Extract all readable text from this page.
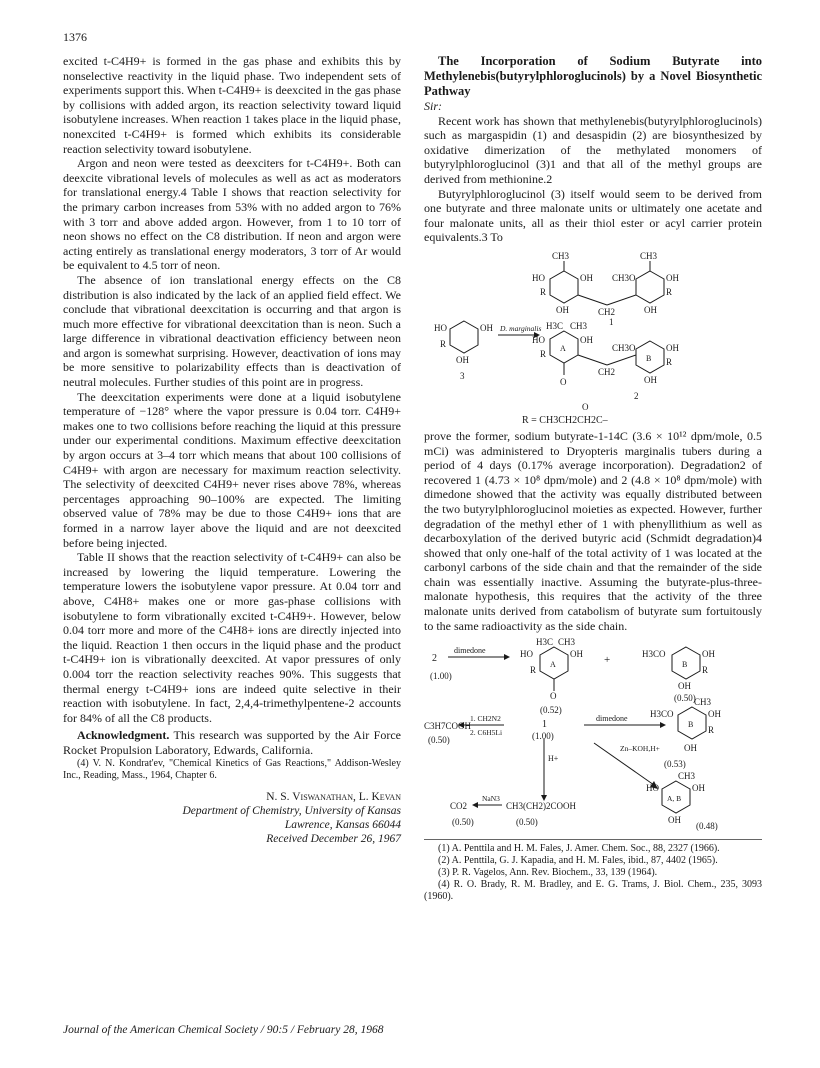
1376

excited t-C4H9+ is formed in the gas phase and exhibits this by nonselective reactivity in the liquid phase. Two independent sets of experiments support this. When t-C4H9+ is deexcited in the gas phase by collisions with added argon, its reaction selectivity toward liquid isobutylene increases. When reaction 1 takes place in the liquid phase, nonexcited t-C4H9+ is formed which exhibits its considerable reaction selectivity toward isobutylene.

Argon and neon were tested as deexciters for t-C4H9+. Both can deexcite vibrational levels of molecules as well as act as moderators for translational energy.4 Table I shows that reaction selectivity for the primary carbon increases from 53% with no added argon to 76% with 3 torr and above added argon. However, from 1 to 10 torr of neon shows no effect on the C8 distribution. If neon and argon were acting entirely as translational energy moderators, 3 torr of Ar would be equivalent to 4.5 torr of neon.

The absence of ion translational energy effects on the C8 distribution is also indicated by the lack of an applied field effect. We conclude that vibrational deexcitation is occurring and that argon is much more effective for vibrational deexcitation than is neon. Such a large difference in vibrational deactivation efficiency between neon and argon is somewhat surprising. However, deactivation of ions may be more sensitive to polarizability effects than is deactivation of neutral molecules. Further studies of this point are in progress.

The deexcitation experiments were done at a liquid isobutylene temperature of −128° where the vapor pressure is 0.04 torr. C4H9+ makes one to two collisions before reaching the liquid at this pressure under our experimental conditions. Maximum effective deexcitation by argon occurs at 3–4 torr which means that about 100 collisions of C4H9+ with argon are necessary for maximum reaction selectivity. The selectivity of deexcited C4H9+ never rises above 78%, whereas percentages approaching 90–100% are expected. The limiting observed value of 78% may be due to those C4H9+ ions that are formed in a narrow layer above the liquid and are not deexcited before being injected.

Table II shows that the reaction selectivity of t-C4H9+ can also be increased by lowering the liquid temperature. Lowering the temperature lowers the isobutylene vapor pressure. At 0.04 torr and above, C4H8+ makes one or more gas-phase collisions with isobutylene to form vibrationally excited t-C4H9+. However, below 0.04 torr more and more of the C4H8+ ions are directly injected into the liquid. Reaction 1 then occurs in the liquid phase and the product t-C4H9+ ion is vibrationally deexcited. At vapor pressures of only 0.004 torr the reaction selectivity reaches 90%. This suggests that thermal energy t-C4H9+ ions are indeed quite selective in their reaction with isobutylene. In fact, 2,4,4-trimethylpentene-2 accounts for 84% of all the C8 products.

Acknowledgment. This research was supported by the Air Force Rocket Propulsion Laboratory, Edwards, California.

(4) V. N. Kondrat'ev, "Chemical Kinetics of Gas Reactions," Addison-Wesley Inc., Reading, Mass., 1964, Chapter 6.

N. S. Viswanathan, L. Kevan
Department of Chemistry, University of Kansas
Lawrence, Kansas 66044
Received December 26, 1967

The Incorporation of Sodium Butyrate into Methylenebis(butyrylphloroglucinols) by a Novel Biosynthetic Pathway

Sir:

Recent work has shown that methylenebis(butyrylphloroglucinols) such as margaspidin (1) and desaspidin (2) are biosynthesized by oxidative dimerization of the methylated monomers of butyrylphloroglucinol (3)1 and that all of the methyl groups are derived from methionine.2

Butyrylphloroglucinol (3) itself would seem to be derived from one butyrate and three malonate units or ultimately one acetate and four malonate units, all as their thiol ester or acyl carrier protein equivalents.3 To

CH3	CH3
HO	OH CH3O	OH
R	R
OH	CH2	OH
1
HO	OH
R
OH
3
D. marginalis H3C CH3
HO	OH
A
R
O
CH3O	OH
B R
CH2
OH
2
O
R = CH3CH2CH2C–

prove the former, sodium butyrate-1-14C (3.6 × 10¹² dpm/mole, 0.5 mCi) was administered to Dryopteris marginalis tubers during a period of 4 days (0.17% average incorporation). Degradation2 of recovered 1 (4.73 × 10⁸ dpm/mole) and 2 (4.8 × 10⁸ dpm/mole) with dimedone showed that the activity was equally distributed between the two butyrylphloroglucinol moieties as expected. However, further degradation of the methyl ether of 1 with phenyllithium as well as decarboxylation of the derived butyric acid (Schmidt degradation)4 showed that only one-half of the total activity of 1 was located at the carbonyl carbons of the side chain and that the remainder of the side chain was essentially inactive. Assuming the butyrate-plus-three-malonate hypothesis, this requires that the activity of the three malonate units derived from catabolism of butyrate sum fortuitously to the same radioactivity as the side chain.

2
dimedone
(1.00)
H3C CH3
HO	OH
A
R
O
(0.52)
+	H3CO	OH
B
R
OH
(0.50)
C3H7COOH
(0.50)
1. CH2N2
2. C6H5Li
1
(1.00)
dimedone H3CO
CH3
OH
B
R
OH
H+
Zn–KOH,H+
(0.53)
CO2
NaN3
CH3(CH2)2COOH
(0.50)	(0.50)
HO
CH3
OH
A, B
OH
(0.48)
(1) A. Penttila and H. M. Fales, J. Amer. Chem. Soc., 88, 2327 (1966).
(2) A. Penttila, G. J. Kapadia, and H. M. Fales, ibid., 87, 4402 (1965).
(3) P. R. Vagelos, Ann. Rev. Biochem., 33, 139 (1964).
(4) R. O. Brady, R. M. Bradley, and E. G. Trams, J. Biol. Chem., 235, 3093 (1960).
Journal of the American Chemical Society / 90:5 / February 28, 1968
